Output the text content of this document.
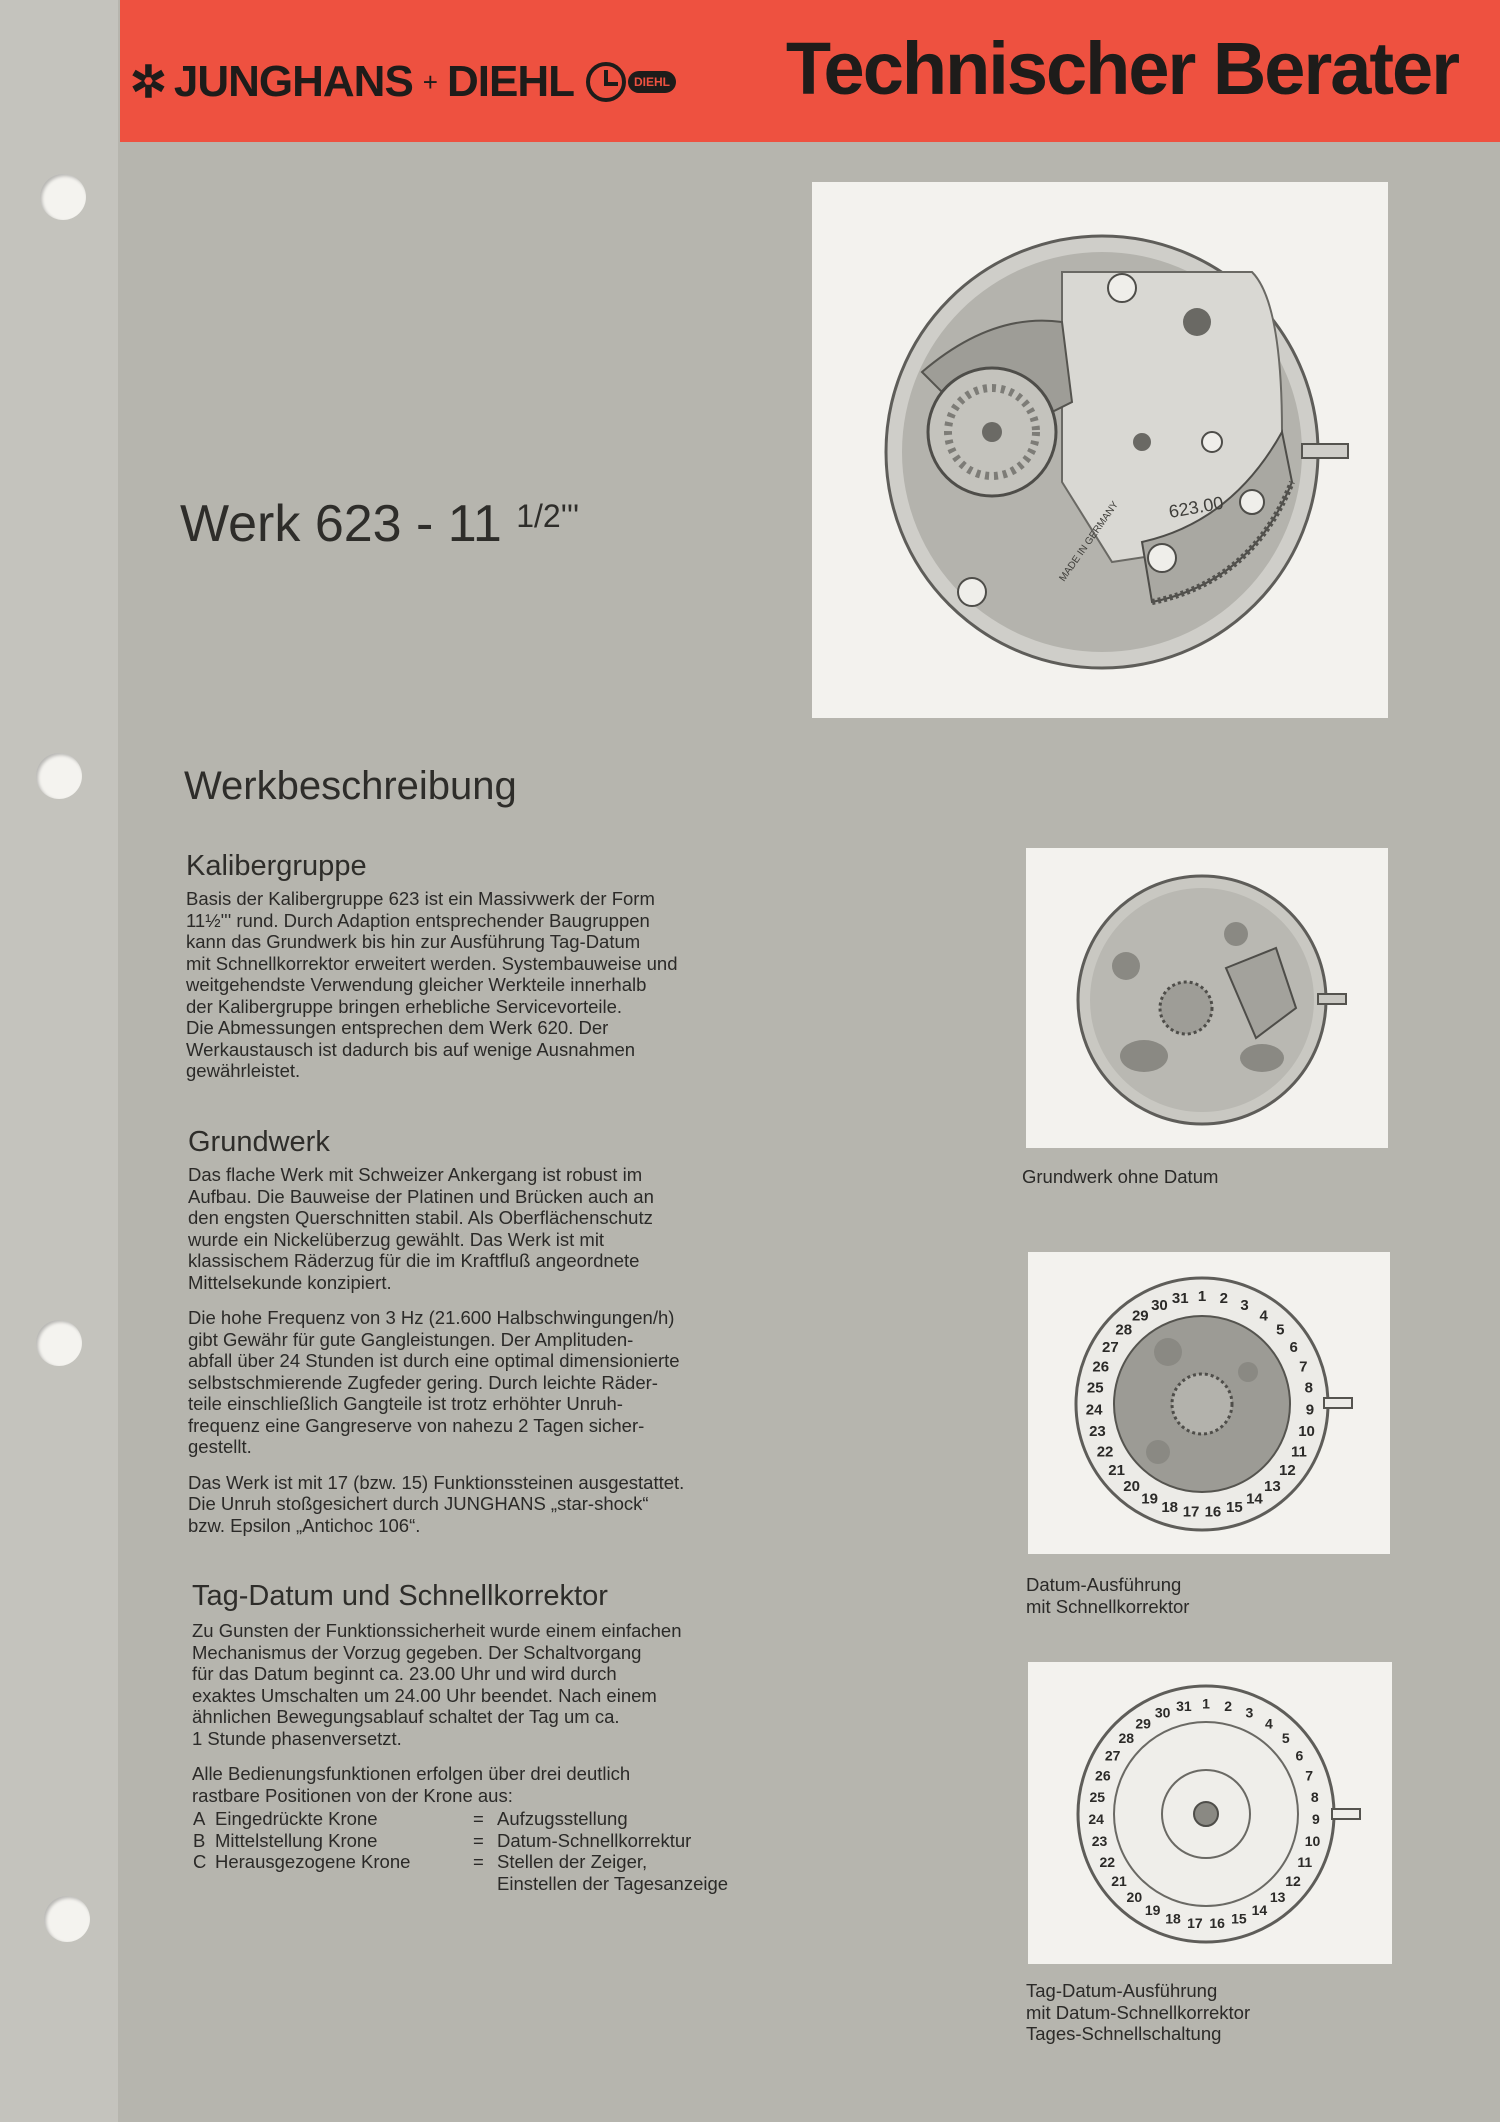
✲ JUNGHANS + DIEHL	DIEHL Technischer Berater
Werk 623 - 11 $^{1/2'''}$
Werkbeschreibung
Kalibergruppe

Basis der Kalibergruppe 623 ist ein Massivwerk der Form
11½''' rund. Durch Adaption entsprechender Baugruppen
kann das Grundwerk bis hin zur Ausführung Tag-Datum
mit Schnellkorrektor erweitert werden. Systembauweise und
weitgehendste Verwendung gleicher Werkteile innerhalb
der Kalibergruppe bringen erhebliche Servicevorteile.
Die Abmessungen entsprechen dem Werk 620. Der
Werkaustausch ist dadurch bis auf wenige Ausnahmen
gewährleistet.

Grundwerk

Das flache Werk mit Schweizer Ankergang ist robust im
Aufbau. Die Bauweise der Platinen und Brücken auch an
den engsten Querschnitten stabil. Als Oberflächenschutz
wurde ein Nickelüberzug gewählt. Das Werk ist mit
klassischem Räderzug für die im Kraftfluß angeordnete
Mittelsekunde konzipiert.

Die hohe Frequenz von 3 Hz (21.600 Halbschwingungen/h)
gibt Gewähr für gute Gangleistungen. Der Amplituden-
abfall über 24 Stunden ist durch eine optimal dimensionierte
selbstschmierende Zugfeder gering. Durch leichte Räder-
teile einschließlich Gangteile ist trotz erhöhter Unruh-
frequenz eine Gangreserve von nahezu 2 Tagen sicher-
gestellt.

Das Werk ist mit 17 (bzw. 15) Funktionssteinen ausgestattet.
Die Unruh stoßgesichert durch JUNGHANS „star-shock“
bzw. Epsilon „Antichoc 106“.

Tag-Datum und Schnellkorrektor

Zu Gunsten der Funktionssicherheit wurde einem einfachen
Mechanismus der Vorzug gegeben. Der Schaltvorgang
für das Datum beginnt ca. 23.00 Uhr und wird durch
exaktes Umschalten um 24.00 Uhr beendet. Nach einem
ähnlichen Bewegungsablauf schaltet der Tag um ca.
1 Stunde phasenversetzt.

Alle Bedienungsfunktionen erfolgen über drei deutlich
rastbare Positionen von der Krone aus:

A Eingedrückte Krone	= Aufzugsstellung
B Mittelstellung Krone	= Datum-Schnellkorrektur
C Herausgezogene Krone	= Stellen der Zeiger,
Einstellen der Tagesanzeige
623.00
MADE IN GERMANY
Grundwerk ohne Datum
1 2 3
4
5
6
7
8
9
10
11
12
13
14
15
16
17
18
19
20
21
22
23
24
25
26
27
28
29
30 31
Datum-Ausführung
mit Schnellkorrektor
1 2 3
4
5
6
7
8
9
10
11
12
13
14
15
16
17
18
19
20
21
22
23
24
25
26
27
28
29
30 31
Tag-Datum-Ausführung
mit Datum-Schnellkorrektor
Tages-Schnellschaltung
